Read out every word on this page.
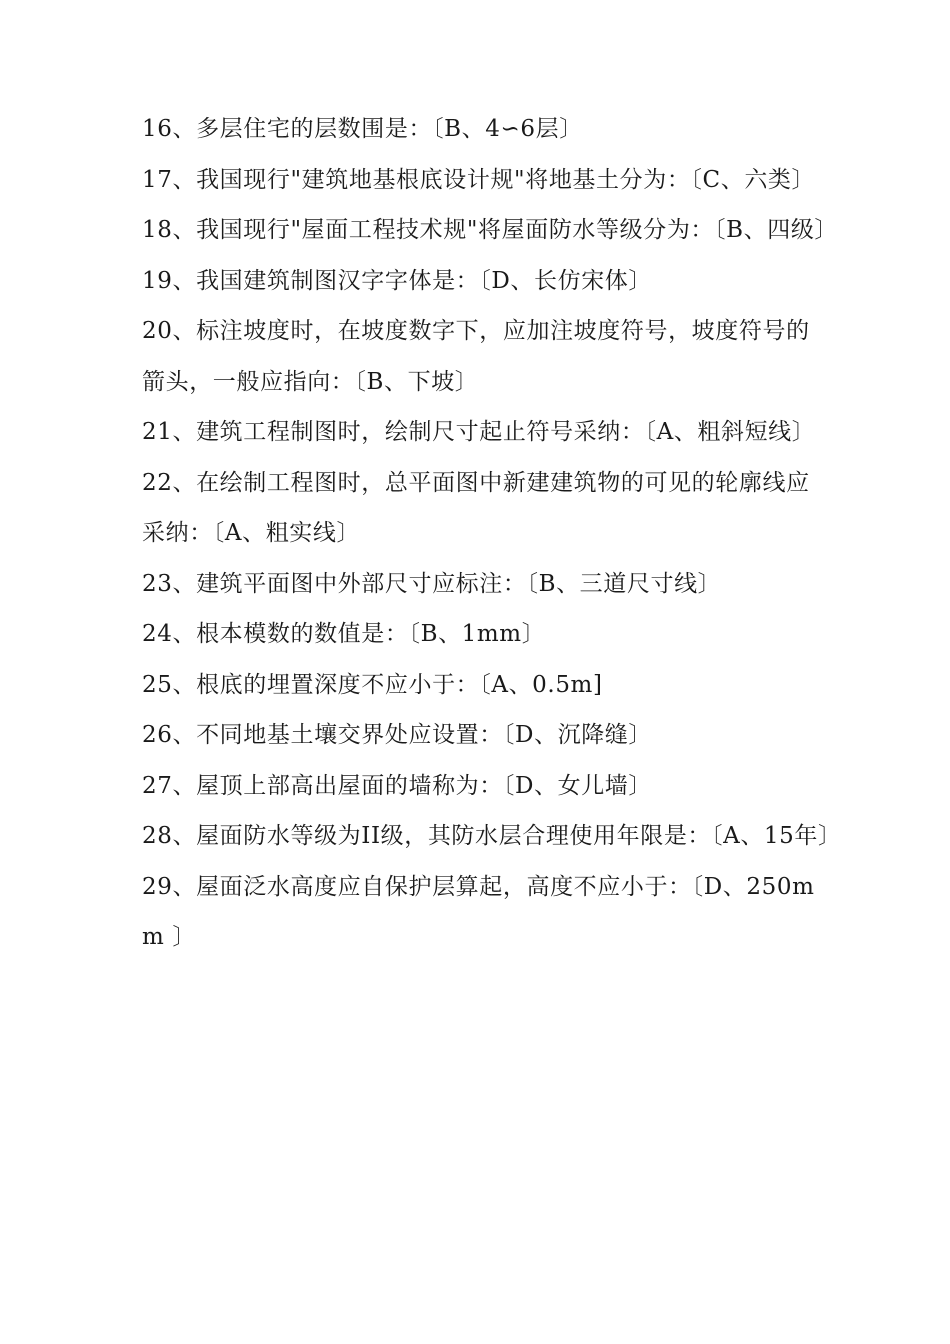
16、多层住宅的层数围是：〔B、4∽6层〕

17、我国现行"建筑地基根底设计规"将地基土分为：〔C、六类〕

18、我国现行"屋面工程技术规"将屋面防水等级分为：〔B、四级〕

19、我国建筑制图汉字字体是：〔D、长仿宋体〕

20、标注坡度时，在坡度数字下，应加注坡度符号，坡度符号的箭头，一般应指向：〔B、下坡〕

21、建筑工程制图时，绘制尺寸起止符号采纳：〔A、粗斜短线〕

22、在绘制工程图时，总平面图中新建建筑物的可见的轮廓线应采纳：〔A、粗实线〕

23、建筑平面图中外部尺寸应标注：〔B、三道尺寸线〕

24、根本模数的数值是：〔B、1mm〕

25、根底的埋置深度不应小于：〔A、0.5m]

26、不同地基土壤交界处应设置：〔D、沉降缝〕

27、屋顶上部高出屋面的墙称为：〔D、女儿墙〕

28、屋面防水等级为II级，其防水层合理使用年限是：〔A、15年〕

29、屋面泛水高度应自保护层算起，高度不应小于：〔D、250mm 〕
